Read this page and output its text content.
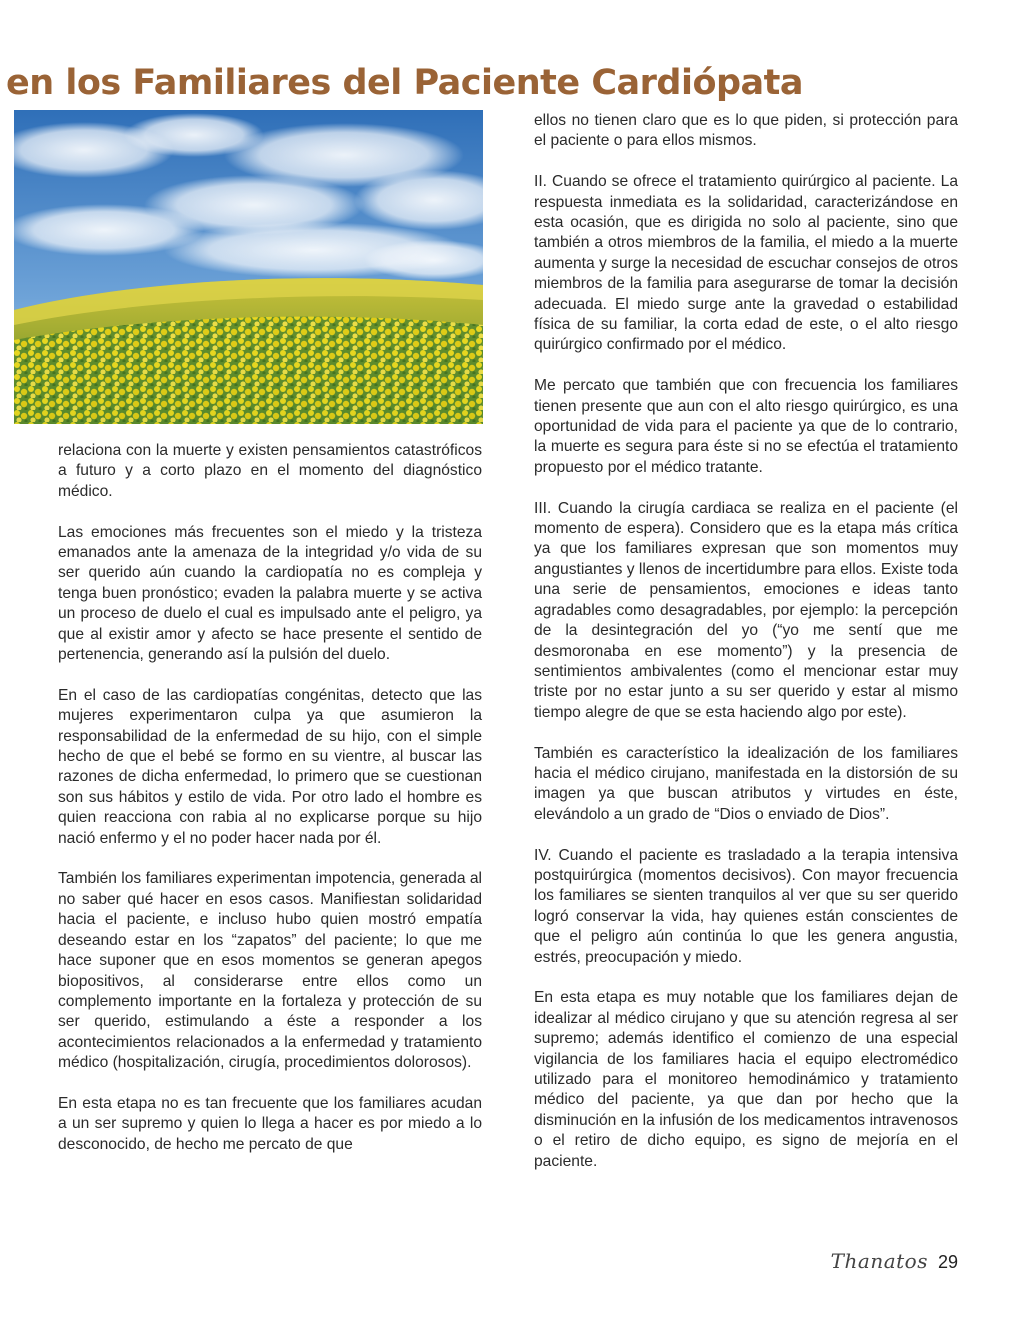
en los Familiares del Paciente Cardiópata

relaciona con la muerte y existen pensamientos catastróficos a futuro y a corto plazo en el momento del diagnóstico médico.

Las emociones más frecuentes son el miedo y la tristeza emanados ante la amenaza de la integridad y/o vida de su ser querido aún cuando la cardiopatía no es compleja y tenga buen pronóstico; evaden la palabra muerte y se activa un proceso de duelo el cual es impulsado ante el peligro, ya que al existir amor y afecto se hace presente el sentido de pertenencia, generando así la pulsión del duelo.

En el caso de las cardiopatías congénitas, detecto que las mujeres experimentaron culpa ya que asumieron la responsabilidad de la enfermedad de su hijo, con el simple hecho de que el bebé se formo en su vientre, al buscar las razones de dicha enfermedad, lo primero que se cuestionan son sus hábitos y estilo de vida. Por otro lado el hombre es quien reacciona con rabia al no explicarse porque su hijo nació enfermo y el no poder hacer nada por él.

También los familiares experimentan impotencia, generada al no saber qué hacer en esos casos. Manifiestan solidaridad hacia el paciente, e incluso hubo quien mostró empatía deseando estar en los “zapatos” del paciente; lo que me hace suponer que en esos momentos se generan apegos biopositivos, al considerarse entre ellos como un complemento importante en la fortaleza y protección de su ser querido, estimulando a éste a responder a los acontecimientos relacionados a la enfermedad y tratamiento médico (hospitalización, cirugía, procedimientos dolorosos).

En esta etapa no es tan frecuente que los familiares acudan a un ser supremo y quien lo llega a hacer es por miedo a lo desconocido, de hecho me percato de que

ellos no tienen claro que es lo que piden, si protección para el paciente o para ellos mismos.

II. Cuando se ofrece el tratamiento quirúrgico al paciente. La respuesta inmediata es la solidaridad, caracterizándose en esta ocasión, que es dirigida no solo al paciente, sino que también a otros miembros de la familia, el miedo a la muerte aumenta y surge la necesidad de escuchar consejos de otros miembros de la familia para asegurarse de tomar la decisión adecuada. El miedo surge ante la gravedad o estabilidad física de su familiar, la corta edad de este, o el alto riesgo quirúrgico confirmado por el médico.

Me percato que también que con frecuencia los familiares tienen presente que aun con el alto riesgo quirúrgico, es una oportunidad de vida para el paciente ya que de lo contrario, la muerte es segura para éste si no se efectúa el tratamiento propuesto por el médico tratante.

III. Cuando la cirugía cardiaca se realiza en el paciente (el momento de espera). Considero que es la etapa más crítica ya que los familiares expresan que son momentos muy angustiantes y llenos de incertidumbre para ellos. Existe toda una serie de pensamientos, emociones e ideas tanto agradables como desagradables, por ejemplo: la percepción de la desintegración del yo (“yo me sentí que me desmoronaba en ese momento”) y la presencia de sentimientos ambivalentes (como el mencionar estar muy triste por no estar junto a su ser querido y estar al mismo tiempo alegre de que se esta haciendo algo por este).

También es característico la idealización de los familiares hacia el médico cirujano, manifestada en la distorsión de su imagen ya que buscan atributos y virtudes en éste, elevándolo a un grado de “Dios o enviado de Dios”.

IV. Cuando el paciente es trasladado a la terapia intensiva postquirúrgica (momentos decisivos). Con mayor frecuencia los familiares se sienten tranquilos al ver que su ser querido logró conservar la vida, hay quienes están conscientes de que el peligro aún continúa lo que les genera angustia, estrés, preocupación y miedo.

En esta etapa es muy notable que los familiares dejan de idealizar al médico cirujano y que su atención regresa al ser supremo; además identifico el comienzo de una especial vigilancia de los familiares hacia el equipo electromédico utilizado para el monitoreo hemodinámico y tratamiento médico del paciente, ya que dan por hecho que la disminución en la infusión de los medicamentos intravenosos o el retiro de dicho equipo, es signo de mejoría en el paciente.

Thanatos 29
